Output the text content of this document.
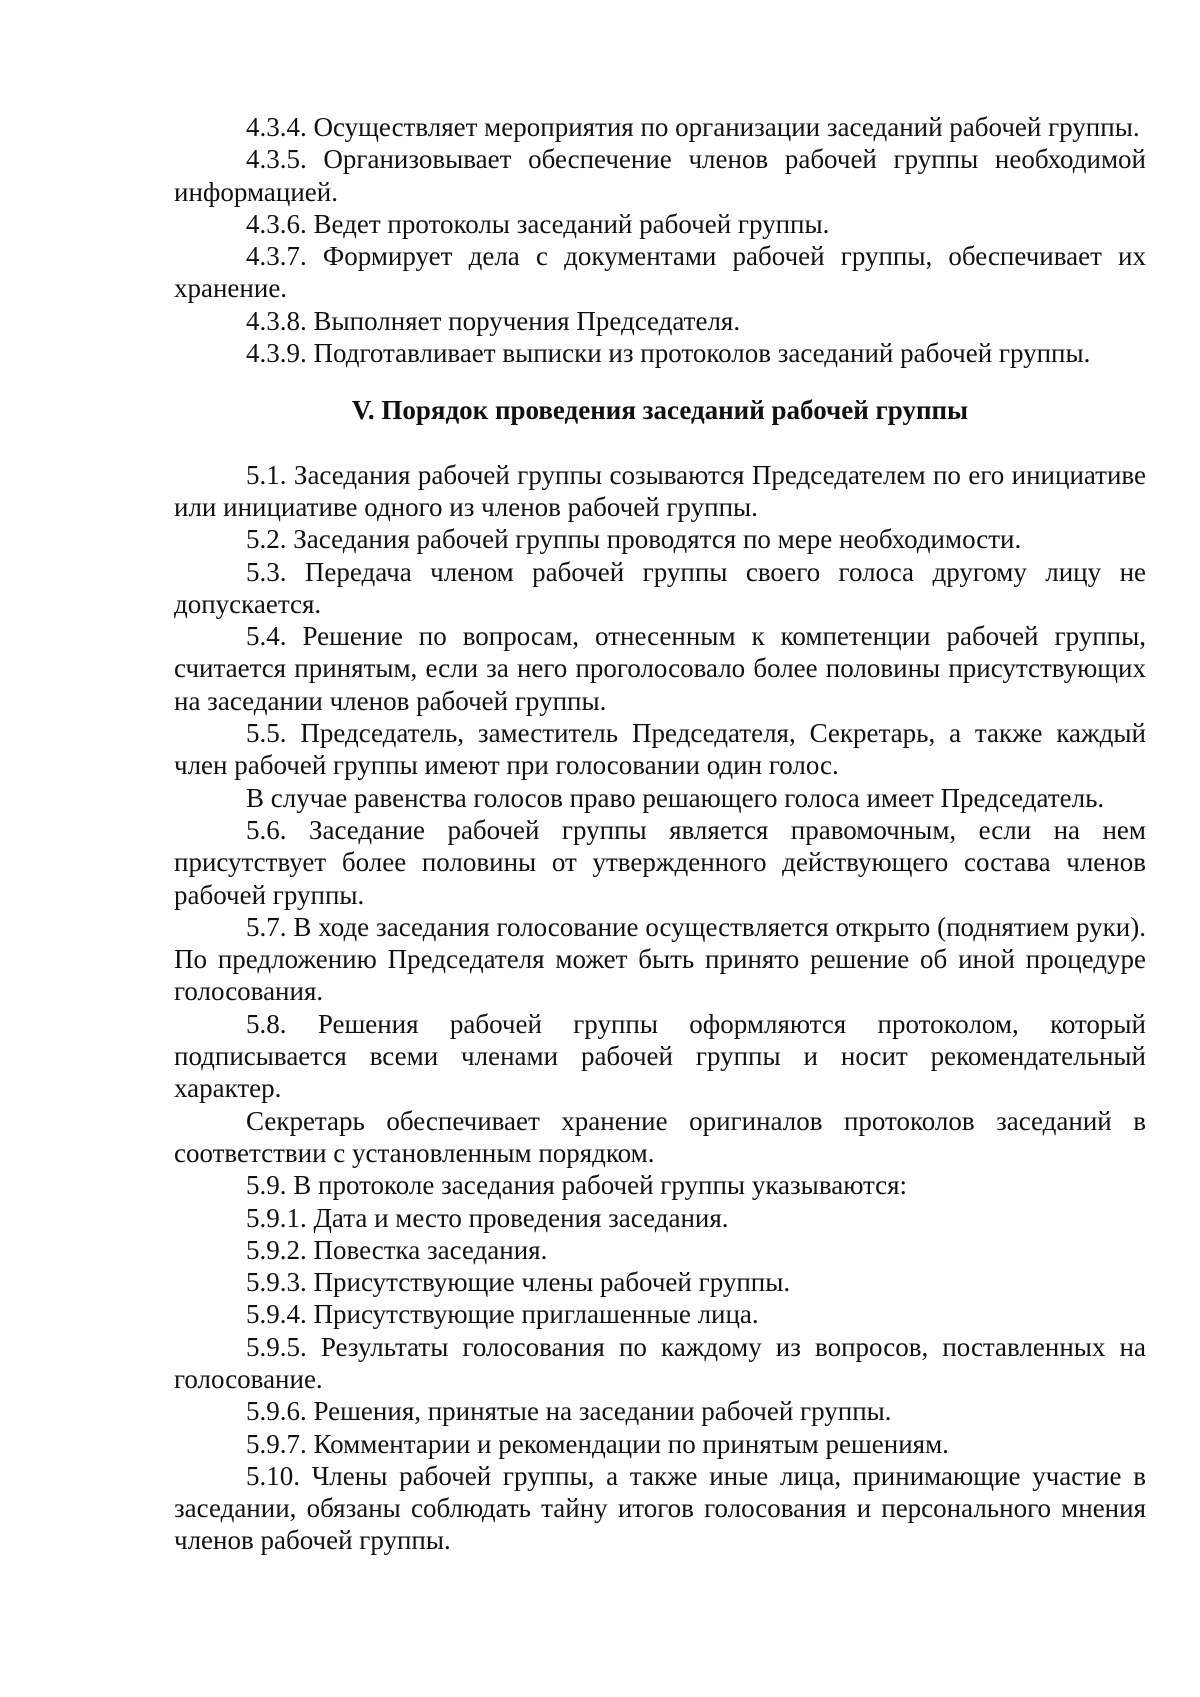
4.3.4. Осуществляет мероприятия по организации заседаний рабочей группы.

4.3.5. Организовывает обеспечение членов рабочей группы необходимой информацией.

4.3.6. Ведет протоколы заседаний рабочей группы.

4.3.7. Формирует дела с документами рабочей группы, обеспечивает их хранение.

4.3.8. Выполняет поручения Председателя.

4.3.9. Подготавливает выписки из протоколов заседаний рабочей группы.

V. Порядок проведения заседаний рабочей группы

5.1. Заседания рабочей группы созываются Председателем по его инициативе или инициативе одного из членов рабочей группы.

5.2. Заседания рабочей группы проводятся по мере необходимости.

5.3. Передача членом рабочей группы своего голоса другому лицу не допускается.

5.4. Решение по вопросам, отнесенным к компетенции рабочей группы, считается принятым, если за него проголосовало более половины присутствующих на заседании членов рабочей группы.

5.5. Председатель, заместитель Председателя, Секретарь, а также каждый член рабочей группы имеют при голосовании один голос.

В случае равенства голосов право решающего голоса имеет Председатель.

5.6. Заседание рабочей группы является правомочным, если на нем присутствует более половины от утвержденного действующего состава членов рабочей группы.

5.7. В ходе заседания голосование осуществляется открыто (поднятием руки). По предложению Председателя может быть принято решение об иной процедуре голосования.

5.8. Решения рабочей группы оформляются протоколом, который подписывается всеми членами рабочей группы и носит рекомендательный характер.

Секретарь обеспечивает хранение оригиналов протоколов заседаний в соответствии с установленным порядком.

5.9. В протоколе заседания рабочей группы указываются:

5.9.1. Дата и место проведения заседания.

5.9.2. Повестка заседания.

5.9.3. Присутствующие члены рабочей группы.

5.9.4. Присутствующие приглашенные лица.

5.9.5. Результаты голосования по каждому из вопросов, поставленных на голосование.

5.9.6. Решения, принятые на заседании рабочей группы.

5.9.7. Комментарии и рекомендации по принятым решениям.

5.10. Члены рабочей группы, а также иные лица, принимающие участие в заседании, обязаны соблюдать тайну итогов голосования и персонального мнения членов рабочей группы.
